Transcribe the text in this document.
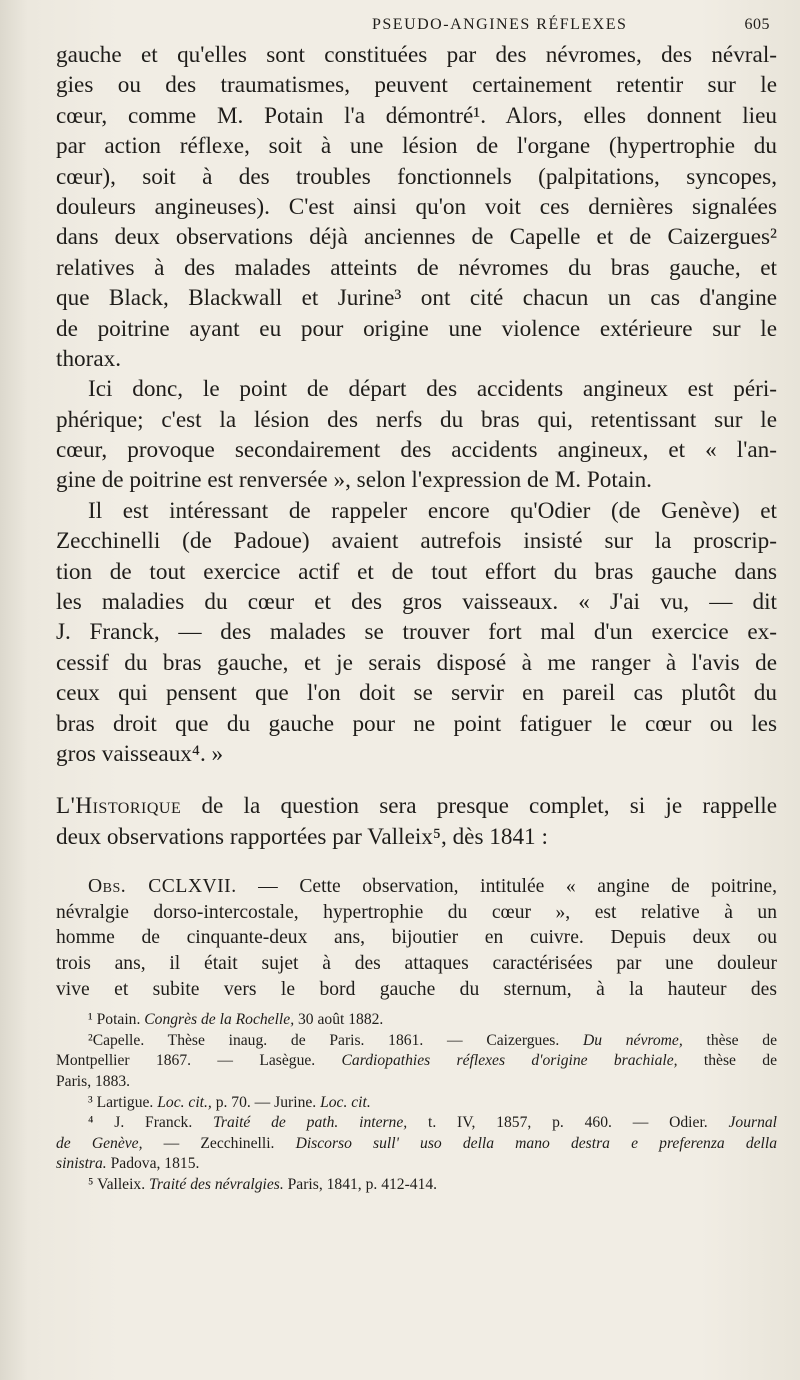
PSEUDO-ANGINES RÉFLEXES	605
gauche et qu'elles sont constituées par des névromes, des névral-
gies ou des traumatismes, peuvent certainement retentir sur le
cœur, comme M. Potain l'a démontré¹. Alors, elles donnent lieu
par action réflexe, soit à une lésion de l'organe (hypertrophie du
cœur), soit à des troubles fonctionnels (palpitations, syncopes,
douleurs angineuses). C'est ainsi qu'on voit ces dernières signalées
dans deux observations déjà anciennes de Capelle et de Caizergues²
relatives à des malades atteints de névromes du bras gauche, et
que Black, Blackwall et Jurine³ ont cité chacun un cas d'angine
de poitrine ayant eu pour origine une violence extérieure sur le
thorax.
Ici donc, le point de départ des accidents angineux est péri-
phérique; c'est la lésion des nerfs du bras qui, retentissant sur le
cœur, provoque secondairement des accidents angineux, et « l'an-
gine de poitrine est renversée », selon l'expression de M. Potain.
Il est intéressant de rappeler encore qu'Odier (de Genève) et
Zecchinelli (de Padoue) avaient autrefois insisté sur la proscrip-
tion de tout exercice actif et de tout effort du bras gauche dans
les maladies du cœur et des gros vaisseaux. « J'ai vu, — dit
J. Franck, — des malades se trouver fort mal d'un exercice ex-
cessif du bras gauche, et je serais disposé à me ranger à l'avis de
ceux qui pensent que l'on doit se servir en pareil cas plutôt du
bras droit que du gauche pour ne point fatiguer le cœur ou les
gros vaisseaux⁴. »
L'Historique de la question sera presque complet, si je rappelle
deux observations rapportées par Valleix⁵, dès 1841 :
Obs. CCLXVII. — Cette observation, intitulée « angine de poitrine,
névralgie dorso-intercostale, hypertrophie du cœur », est relative à un
homme de cinquante-deux ans, bijoutier en cuivre. Depuis deux ou
trois ans, il était sujet à des attaques caractérisées par une douleur
vive et subite vers le bord gauche du sternum, à la hauteur des
¹ Potain. Congrès de la Rochelle, 30 août 1882.
²Capelle. Thèse inaug. de Paris. 1861. — Caizergues. Du névrome, thèse de
Montpellier 1867. — Lasègue. Cardiopathies réflexes d'origine brachiale, thèse de
Paris, 1883.
³ Lartigue. Loc. cit., p. 70. — Jurine. Loc. cit.
⁴ J. Franck. Traité de path. interne, t. IV, 1857, p. 460. — Odier. Journal
de Genève, — Zecchinelli. Discorso sull' uso della mano destra e preferenza della
sinistra. Padova, 1815.
⁵ Valleix. Traité des névralgies. Paris, 1841, p. 412-414.
